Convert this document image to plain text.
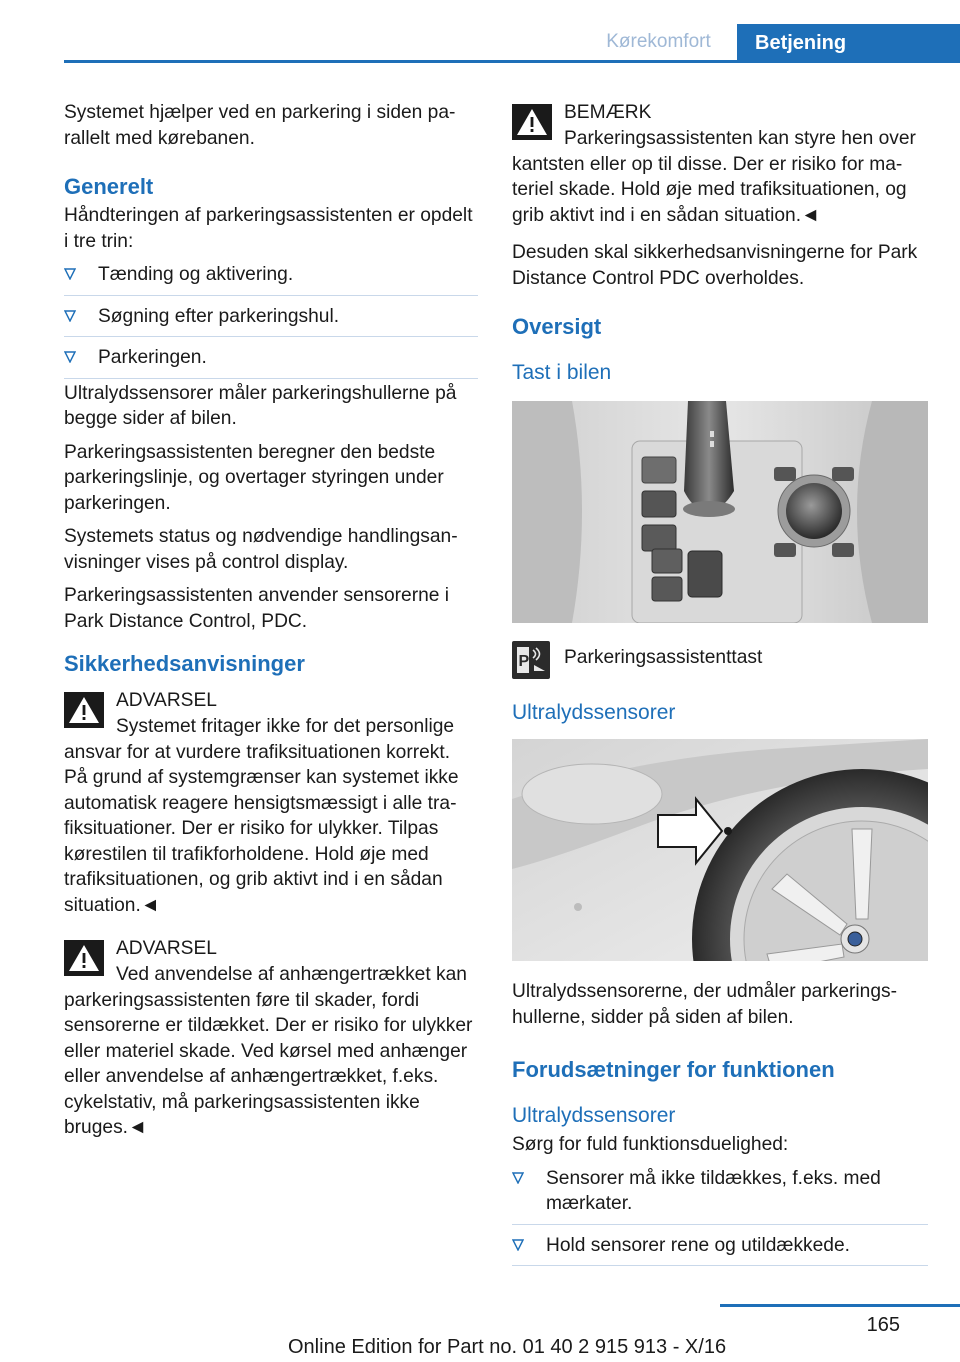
Kørekomfort	Betjening

Systemet hjælper ved en parkering i siden parallelt med kørebanen.

Generelt

Håndteringen af parkeringsassistenten er opdelt i tre trin:

Tænding og aktivering.
Søgning efter parkeringshul.
Parkeringen.

Ultralydssensorer måler parkeringshullerne på begge sider af bilen.

Parkeringsassistenten beregner den bedste parkeringslinje, og overtager styringen under parkeringen.

Systemets status og nødvendige handlingsanvisninger vises på control display.

Parkeringsassistenten anvender sensorerne i Park Distance Control, PDC.

Sikkerhedsanvisninger
ADVARSEL
Systemet fritager ikke for det personlige ansvar for at vurdere trafiksituationen korrekt. På grund af systemgrænser kan systemet ikke automatisk reagere hensigtsmæssigt i alle trafiksituationer. Der er risiko for ulykker. Tilpas kørestilen til trafikforholdene. Hold øje med trafiksituationen, og grib aktivt ind i en sådan situation.◄
ADVARSEL
Ved anvendelse af anhængertrækket kan parkeringsassistenten føre til skader, fordi sensorerne er tildækket. Der er risiko for ulykker eller materiel skade. Ved kørsel med anhænger eller anvendelse af anhængertrækket, f.eks. cykelstativ, må parkeringsassistenten ikke bruges.◄
BEMÆRK
Parkeringsassistenten kan styre hen over kantsten eller op til disse. Der er risiko for materiel skade. Hold øje med trafiksituationen, og grib aktivt ind i en sådan situation.◄

Desuden skal sikkerhedsanvisningerne for Park Distance Control PDC overholdes.

Oversigt
Tast i bilen
P Parkeringsassistenttast
Ultralydssensorer

Ultralydssensorerne, der udmåler parkeringshullerne, sidder på siden af bilen.

Forudsætninger for funktionen
Ultralydssensorer

Sørg for fuld funktionsduelighed:

Sensorer må ikke tildækkes, f.eks. med mærkater.
Hold sensorer rene og utildækkede.
165
Online Edition for Part no. 01 40 2 915 913 - X/16
